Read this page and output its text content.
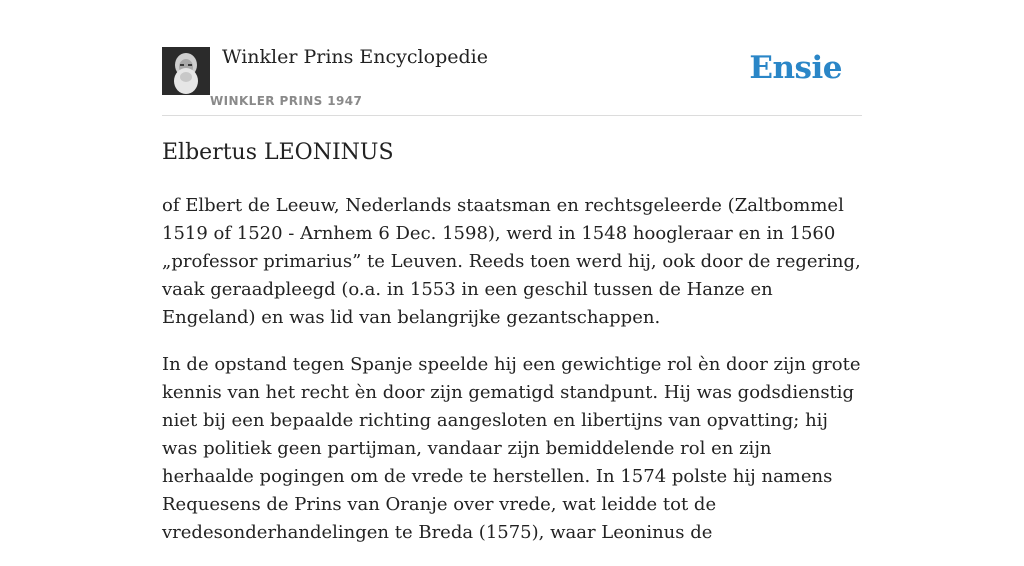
Winkler Prins Encyclopedie
WINKLER PRINS 1947
Ensie
Elbertus LEONINUS

of Elbert de Leeuw, Nederlands staatsman en rechtsgeleerde (Zaltbommel 1519 of 1520 - Arnhem 6 Dec. 1598), werd in 1548 hoogleraar en in 1560 „professor primarius” te Leuven. Reeds toen werd hij, ook door de regering, vaak geraadpleegd (o.a. in 1553 in een geschil tussen de Hanze en Engeland) en was lid van belangrijke gezantschappen.

In de opstand tegen Spanje speelde hij een gewichtige rol èn door zijn grote kennis van het recht èn door zijn gematigd standpunt. Hij was godsdienstig niet bij een bepaalde richting aangesloten en libertijns van opvatting; hij was politiek geen partijman, vandaar zijn bemiddelende rol en zijn herhaalde pogingen om de vrede te herstellen. In 1574 polste hij namens Requesens de Prins van Oranje over vrede, wat leidde tot de vredesonderhandelingen te Breda (1575), waar Leoninus de
